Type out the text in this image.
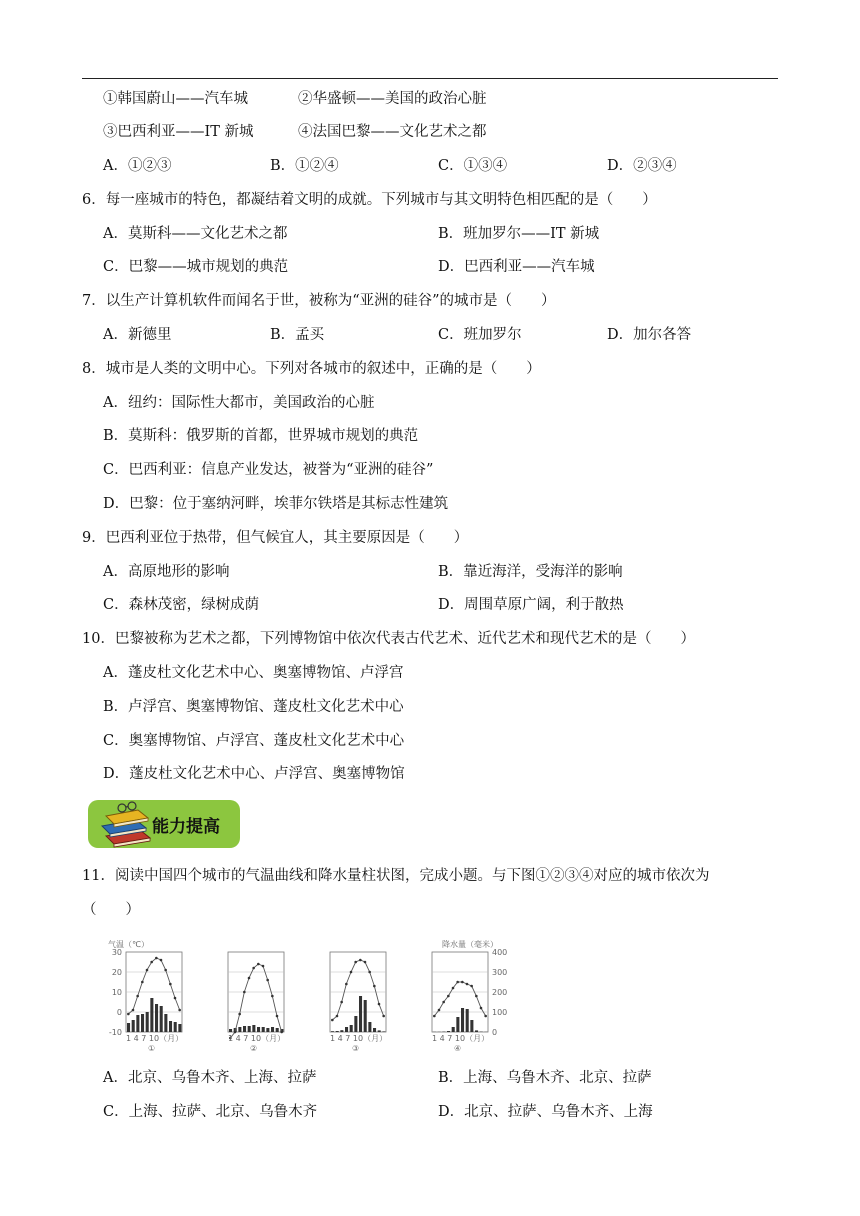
①韩国蔚山——汽车城	②华盛顿——美国的政治心脏
③巴西利亚——IT 新城	④法国巴黎——文化艺术之都
A．①②③	B．①②④	C．①③④	D．②③④
6．每一座城市的特色，都凝结着文明的成就。下列城市与其文明特色相匹配的是（　　）
A．莫斯科——文化艺术之都	B．班加罗尔——IT 新城
C．巴黎——城市规划的典范	D．巴西利亚——汽车城
7．以生产计算机软件而闻名于世，被称为“亚洲的硅谷”的城市是（　　）
A．新德里	B．孟买	C．班加罗尔	D．加尔各答
8．城市是人类的文明中心。下列对各城市的叙述中，正确的是（　　）
A．纽约：国际性大都市，美国政治的心脏
B．莫斯科：俄罗斯的首都，世界城市规划的典范
C．巴西利亚：信息产业发达，被誉为“亚洲的硅谷”
D．巴黎：位于塞纳河畔，埃菲尔铁塔是其标志性建筑
9．巴西利亚位于热带，但气候宜人，其主要原因是（　　）
A．高原地形的影响	B．靠近海洋，受海洋的影响
C．森林茂密，绿树成荫	D．周围草原广阔，利于散热
10．巴黎被称为艺术之都，下列博物馆中依次代表古代艺术、近代艺术和现代艺术的是（　　）
A．蓬皮杜文化艺术中心、奥塞博物馆、卢浮宫
B．卢浮宫、奥塞博物馆、蓬皮杜文化艺术中心
C．奥塞博物馆、卢浮宫、蓬皮杜文化艺术中心
D．蓬皮杜文化艺术中心、卢浮宫、奥塞博物馆
能力提高
11．阅读中国四个城市的气温曲线和降水量柱状图，完成小题。与下图①②③④对应的城市依次为
（　　）
气温（℃）	降水量（毫米）
30
20
10
0
-10
400
300
200
100
0
1 4 7 10（月）
①
1 4 7 10（月）
②
1 4 7 10（月）
③
1 4 7 10（月）
④
A．北京、乌鲁木齐、上海、拉萨	B．上海、乌鲁木齐、北京、拉萨
C．上海、拉萨、北京、乌鲁木齐	D．北京、拉萨、乌鲁木齐、上海
